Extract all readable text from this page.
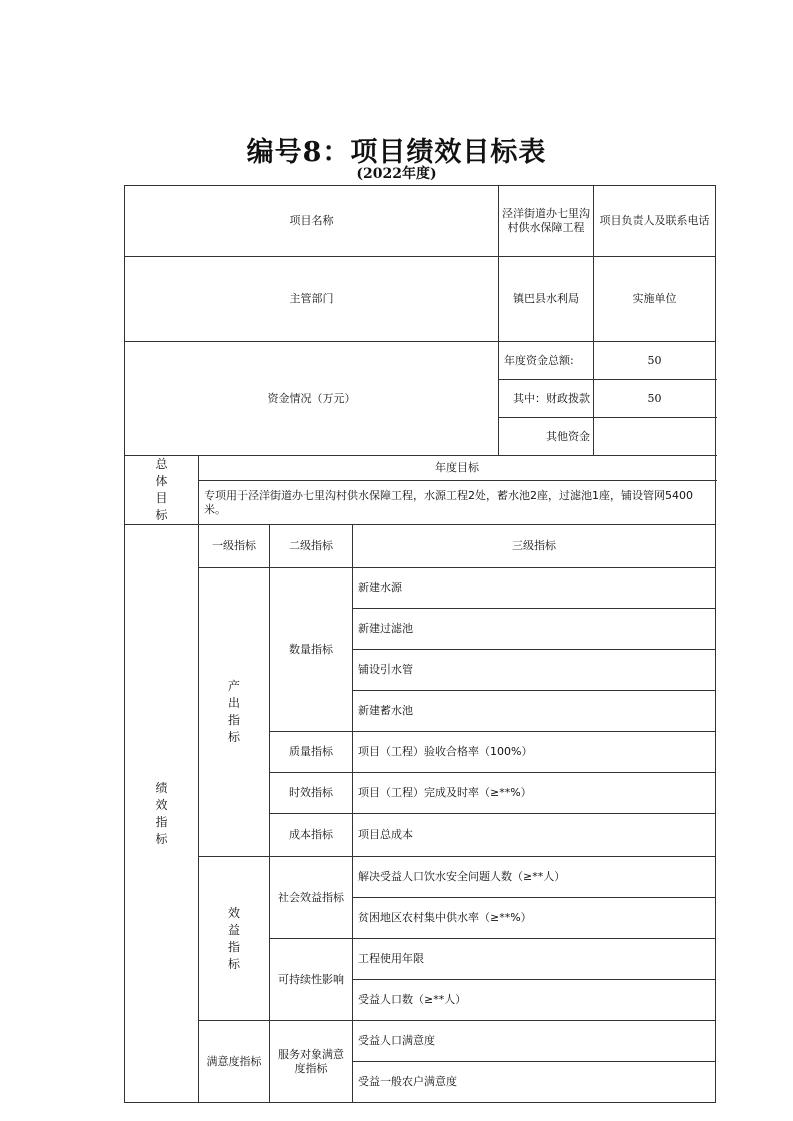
编号8：项目绩效目标表
(2022年度)
项目名称				泾洋街道办七里沟村供水保障工程	项目负责人及联系电话	

主管部门				镇巴县水利局	实施单位	
资金情况（万元）				年度资金总额:	50	
				其中：财政拨款	50	
				其他资金		
总体目标	年度目标					
	专项用于泾洋街道办七里沟村供水保障工程，水源工程2处，蓄水池2座，过滤池1座，铺设管网5400米。					
绩效指标	一级指标	二级指标	三级指标	
	产出指标	数量指标	新建水源	
			新建过滤池	
			铺设引水管	
			新建蓄水池	
		质量指标	项目（工程）验收合格率（100%）	
		时效指标	项目（工程）完成及时率（≥**%）	
		成本指标	项目总成本	
	效益指标	社会效益指标	解决受益人口饮水安全问题人数（≥**人）	
			贫困地区农村集中供水率（≥**%）	
		可持续性影响	工程使用年限	
			受益人口数（≥**人）	
	满意度指标	服务对象满意度指标	受益人口满意度	
			受益一般农户满意度	
